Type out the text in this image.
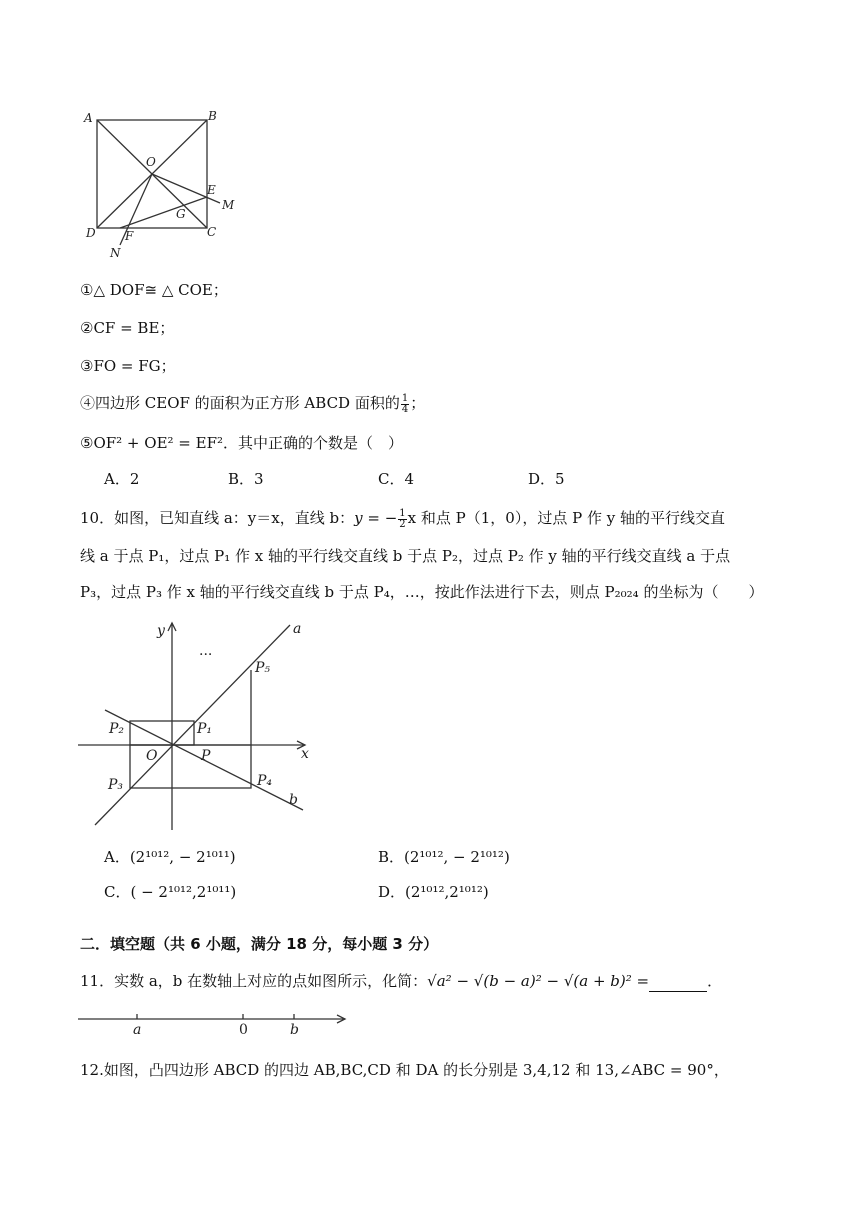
A	B
O
E
M
G
D F	C
N
①△ DOF≅ △ COE；
②CF = BE；
③FO = FG；
④四边形 CEOF 的面积为正方形 ABCD 面积的 $\frac{1}{4}$ ；
⑤OF² + OE² = EF²．其中正确的个数是（　）
A．2	B．3	C．4	D．5
10．如图，已知直线 a：y＝x，直线 b：y = − $\frac{1}{2}$ x 和点 P（1，0），过点 P 作 y 轴的平行线交直
线 a 于点 P₁，过点 P₁ 作 x 轴的平行线交直线 b 于点 P₂，过点 P₂ 作 y 轴的平行线交直线 a 于点
P₃，过点 P₃ 作 x 轴的平行线交直线 b 于点 P₄，…，按此作法进行下去，则点 P₂₀₂₄ 的坐标为（　　）
y	a
...
P₅
P₂	P₁
O	P	x
P₃	P₄
b
A．(2¹⁰¹², − 2¹⁰¹¹)	B．(2¹⁰¹², − 2¹⁰¹²)
C．( − 2¹⁰¹²,2¹⁰¹¹)	D．(2¹⁰¹²,2¹⁰¹²)
二．填空题（共 6 小题，满分 18 分，每小题 3 分）
11．实数 a，b 在数轴上对应的点如图所示，化简：√a² − √(b − a)² − √(a + b)² =	．
a	0	b
12.如图，凸四边形 ABCD 的四边 AB,BC,CD 和 DA 的长分别是 3,4,12 和 13,∠ABC = 90°，
